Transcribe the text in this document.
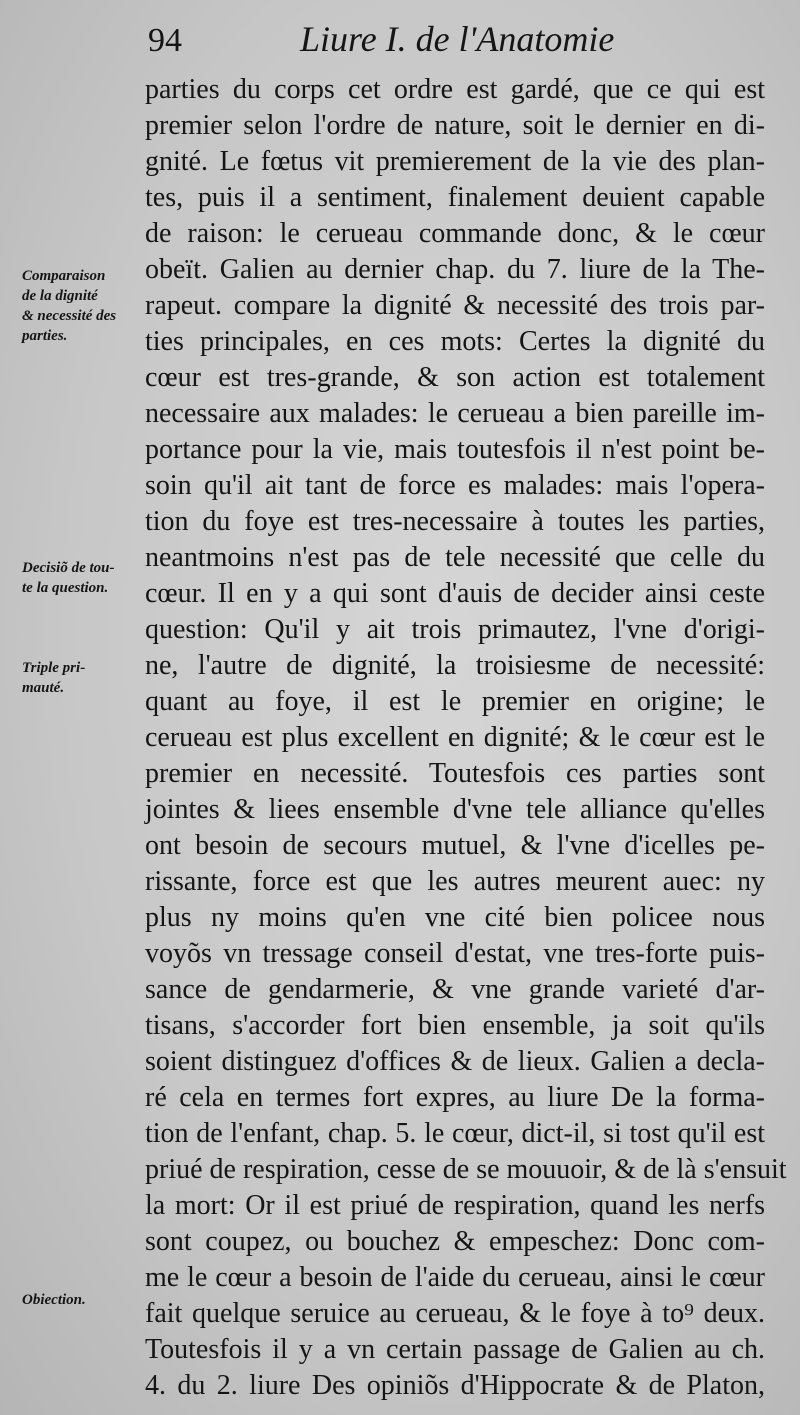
94	Liure I. de l'Anatomie
parties du corps cet ordre est gardé, que ce qui est
premier selon l'ordre de nature, soit le dernier en di-
gnité. Le fœtus vit premierement de la vie des plan-
tes, puis il a sentiment, finalement deuient capable
de raison: le cerueau commande donc, & le cœur
obeït. Galien au dernier chap. du 7. liure de la The-
rapeut. compare la dignité & necessité des trois par-
ties principales, en ces mots: Certes la dignité du
cœur est tres-grande, & son action est totalement
necessaire aux malades: le cerueau a bien pareille im-
portance pour la vie, mais toutesfois il n'est point be-
soin qu'il ait tant de force es malades: mais l'opera-
tion du foye est tres-necessaire à toutes les parties,
neantmoins n'est pas de tele necessité que celle du
cœur. Il en y a qui sont d'auis de decider ainsi ceste
question: Qu'il y ait trois primautez, l'vne d'origi-
ne, l'autre de dignité, la troisiesme de necessité:
quant au foye, il est le premier en origine; le
cerueau est plus excellent en dignité; & le cœur est le
premier en necessité. Toutesfois ces parties sont
jointes & liees ensemble d'vne tele alliance qu'elles
ont besoin de secours mutuel, & l'vne d'icelles pe-
rissante, force est que les autres meurent auec: ny
plus ny moins qu'en vne cité bien policee nous
voyõs vn tressage conseil d'estat, vne tres-forte puis-
sance de gendarmerie, & vne grande varieté d'ar-
tisans, s'accorder fort bien ensemble, ja soit qu'ils
soient distinguez d'offices & de lieux. Galien a decla-
ré cela en termes fort expres, au liure De la forma-
tion de l'enfant, chap. 5. le cœur, dict-il, si tost qu'il est
priué de respiration, cesse de se mouuoir, & de là s'ensuit
la mort: Or il est priué de respiration, quand les nerfs
sont coupez, ou bouchez & empeschez: Donc com-
me le cœur a besoin de l'aide du cerueau, ainsi le cœur
fait quelque seruice au cerueau, & le foye à to⁹ deux.
Toutesfois il y a vn certain passage de Galien au ch.
4. du 2. liure Des opiniõs d'Hippocrate & de Platon,
Comparaison
de la dignité
& necessité des
parties.
Decisiõ de tou-
te la question.
Triple pri-
mauté.
Obiection.
